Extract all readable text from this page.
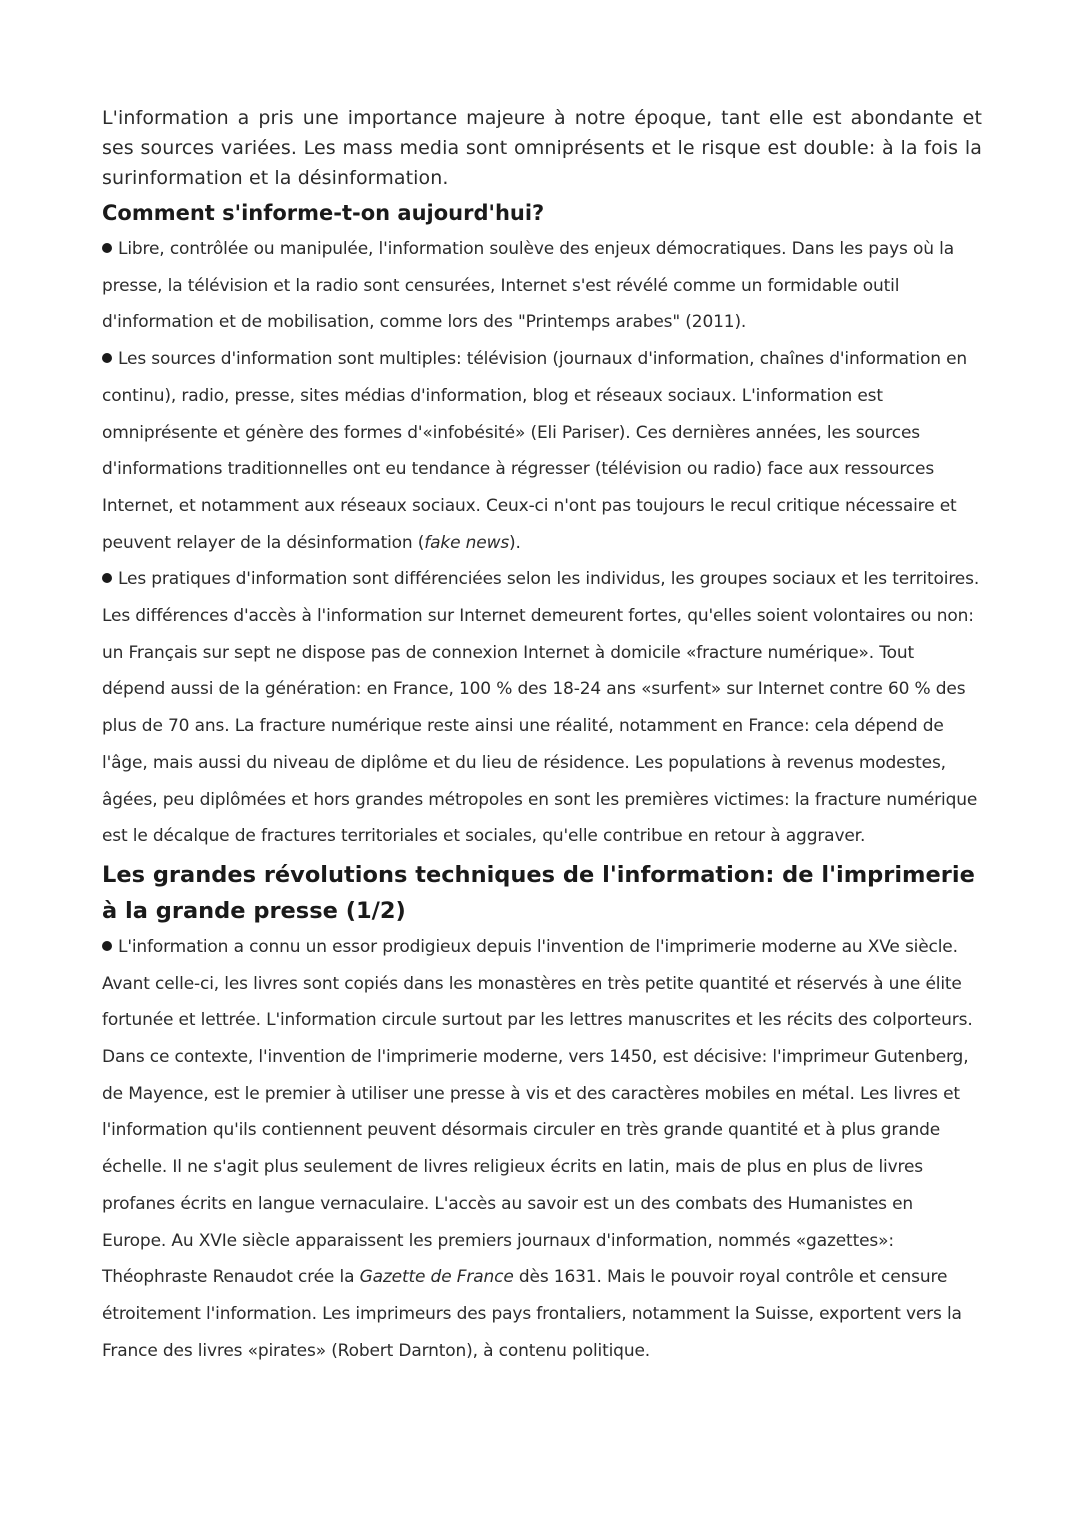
L'information a pris une importance majeure à notre époque, tant elle est abondante et ses sources variées. Les mass media sont omniprésents et le risque est double: à la fois la surinformation et la désinformation.

Comment s'informe-t-on aujourd'hui?

Libre, contrôlée ou manipulée, l'information soulève des enjeux démocratiques. Dans les pays où la presse, la télévision et la radio sont censurées, Internet s'est révélé comme un formidable outil d'information et de mobilisation, comme lors des "Printemps arabes" (2011).

Les sources d'information sont multiples: télévision (journaux d'information, chaînes d'information en continu), radio, presse, sites médias d'information, blog et réseaux sociaux. L'information est omniprésente et génère des formes d'«infobésité» (Eli Pariser). Ces dernières années, les sources d'informations traditionnelles ont eu tendance à régresser (télévision ou radio) face aux ressources Internet, et notamment aux réseaux sociaux. Ceux-ci n'ont pas toujours le recul critique nécessaire et peuvent relayer de la désinformation (fake news).

Les pratiques d'information sont différenciées selon les individus, les groupes sociaux et les territoires. Les différences d'accès à l'information sur Internet demeurent fortes, qu'elles soient volontaires ou non: un Français sur sept ne dispose pas de connexion Internet à domicile «fracture numérique». Tout dépend aussi de la génération: en France, 100 % des 18-24 ans «surfent» sur Internet contre 60 % des plus de 70 ans. La fracture numérique reste ainsi une réalité, notamment en France: cela dépend de l'âge, mais aussi du niveau de diplôme et du lieu de résidence. Les populations à revenus modestes, âgées, peu diplômées et hors grandes métropoles en sont les premières victimes: la fracture numérique est le décalque de fractures territoriales et sociales, qu'elle contribue en retour à aggraver.

Les grandes révolutions techniques de l'information: de l'imprimerie à la grande presse (1/2)

L'information a connu un essor prodigieux depuis l'invention de l'imprimerie moderne au XVe siècle. Avant celle-ci, les livres sont copiés dans les monastères en très petite quantité et réservés à une élite fortunée et lettrée. L'information circule surtout par les lettres manuscrites et les récits des colporteurs. Dans ce contexte, l'invention de l'imprimerie moderne, vers 1450, est décisive: l'imprimeur Gutenberg, de Mayence, est le premier à utiliser une presse à vis et des caractères mobiles en métal. Les livres et l'information qu'ils contiennent peuvent désormais circuler en très grande quantité et à plus grande échelle. Il ne s'agit plus seulement de livres religieux écrits en latin, mais de plus en plus de livres profanes écrits en langue vernaculaire. L'accès au savoir est un des combats des Humanistes en Europe. Au XVIe siècle apparaissent les premiers journaux d'information, nommés «gazettes»: Théophraste Renaudot crée la Gazette de France dès 1631. Mais le pouvoir royal contrôle et censure étroitement l'information. Les imprimeurs des pays frontaliers, notamment la Suisse, exportent vers la France des livres «pirates» (Robert Darnton), à contenu politique.
